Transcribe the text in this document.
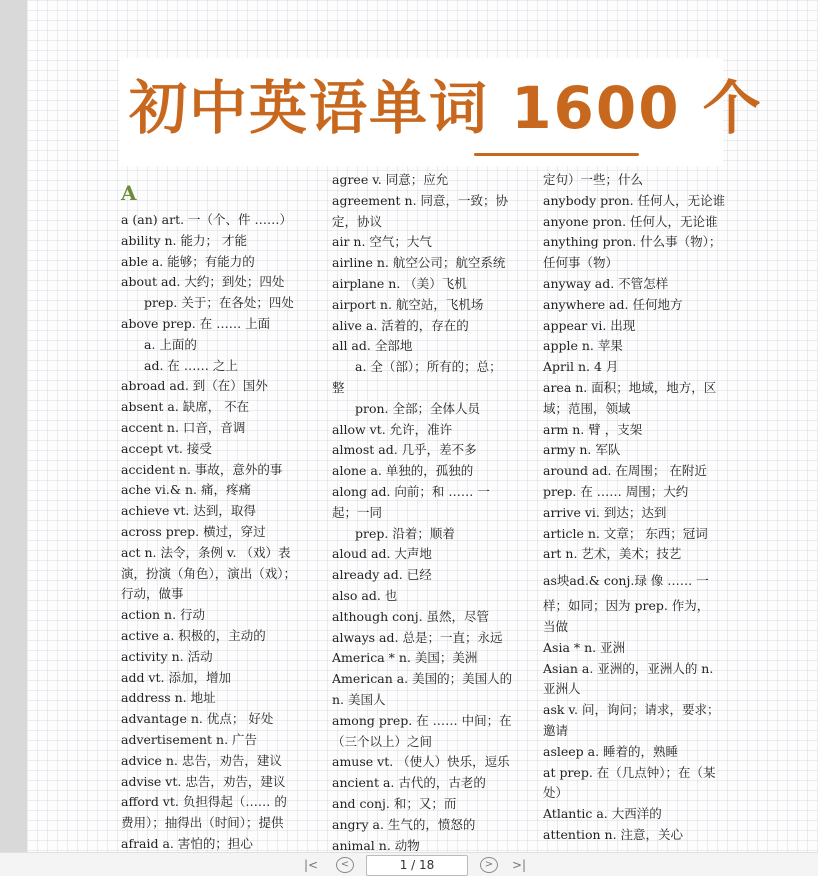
初中英语单词 1600 个
A
a (an) art. 一（个、件 ……）
ability n. 能力； 才能
able a. 能够；有能力的
about ad. 大约；到处；四处
prep. 关于；在各处；四处
above prep. 在 …… 上面
a. 上面的
ad. 在 …… 之上
abroad ad. 到（在）国外
absent a. 缺席， 不在
accent n. 口音，音调
accept vt. 接受
accident n. 事故，意外的事
ache vi.& n. 痛，疼痛
achieve vt. 达到，取得
across prep. 横过，穿过
act n. 法令，条例 v. （戏）表
演，扮演（角色），演出（戏）；
行动，做事
action n. 行动
active a. 积极的，主动的
activity n. 活动
add vt. 添加，增加
address n. 地址
advantage n. 优点； 好处
advertisement n. 广告
advice n. 忠告，劝告，建议
advise vt. 忠告，劝告，建议
afford vt. 负担得起（…… 的
费用）；抽得出（时间）；提供
afraid a. 害怕的；担心
agree v. 同意；应允
agreement n. 同意，一致；协
定，协议
air n. 空气；大气
airline n. 航空公司；航空系统
airplane n. （美）飞机
airport n. 航空站，飞机场
alive a. 活着的，存在的
all ad. 全部地
a. 全（部）；所有的；总；
整
pron. 全部；全体人员
allow vt. 允许，准许
almost ad. 几乎，差不多
alone a. 单独的，孤独的
along ad. 向前；和 …… 一
起；一同
prep. 沿着；顺着
aloud ad. 大声地
already ad. 已经
also ad. 也
although conj. 虽然，尽管
always ad. 总是；一直；永远
America * n. 美国；美洲
American a. 美国的；美国人的
n. 美国人
among prep. 在 …… 中间；在
（三个以上）之间
amuse vt. （使人）快乐，逗乐
ancient a. 古代的，古老的
and conj. 和；又；而
angry a. 生气的，愤怒的
animal n. 动物
定句）一些；什么
anybody pron. 任何人，无论谁
anyone pron. 任何人，无论谁
anything pron. 什么事（物）；
任何事（物）
anyway ad. 不管怎样
anywhere ad. 任何地方
appear vi. 出现
apple n. 苹果
April n. 4 月
area n. 面积；地域，地方，区
域；范围，领域
arm n. 臂 ，支架
army n. 军队
around ad. 在周围； 在附近
prep. 在 …… 周围；大约
arrive vi. 到达；达到
article n. 文章； 东西；冠词
art n. 艺术，美术；技艺
as坱ad.& conj.琭 像 …… 一
样；如同；因为 prep. 作为，
当做
Asia * n. 亚洲
Asian a. 亚洲的，亚洲人的 n.
亚洲人
ask v. 问，询问；请求，要求；
邀请
asleep a. 睡着的，熟睡
at prep. 在（几点钟）；在（某
处）
Atlantic a. 大西洋的
attention n. 注意，关心
|<	<	1 / 18	>	>|
